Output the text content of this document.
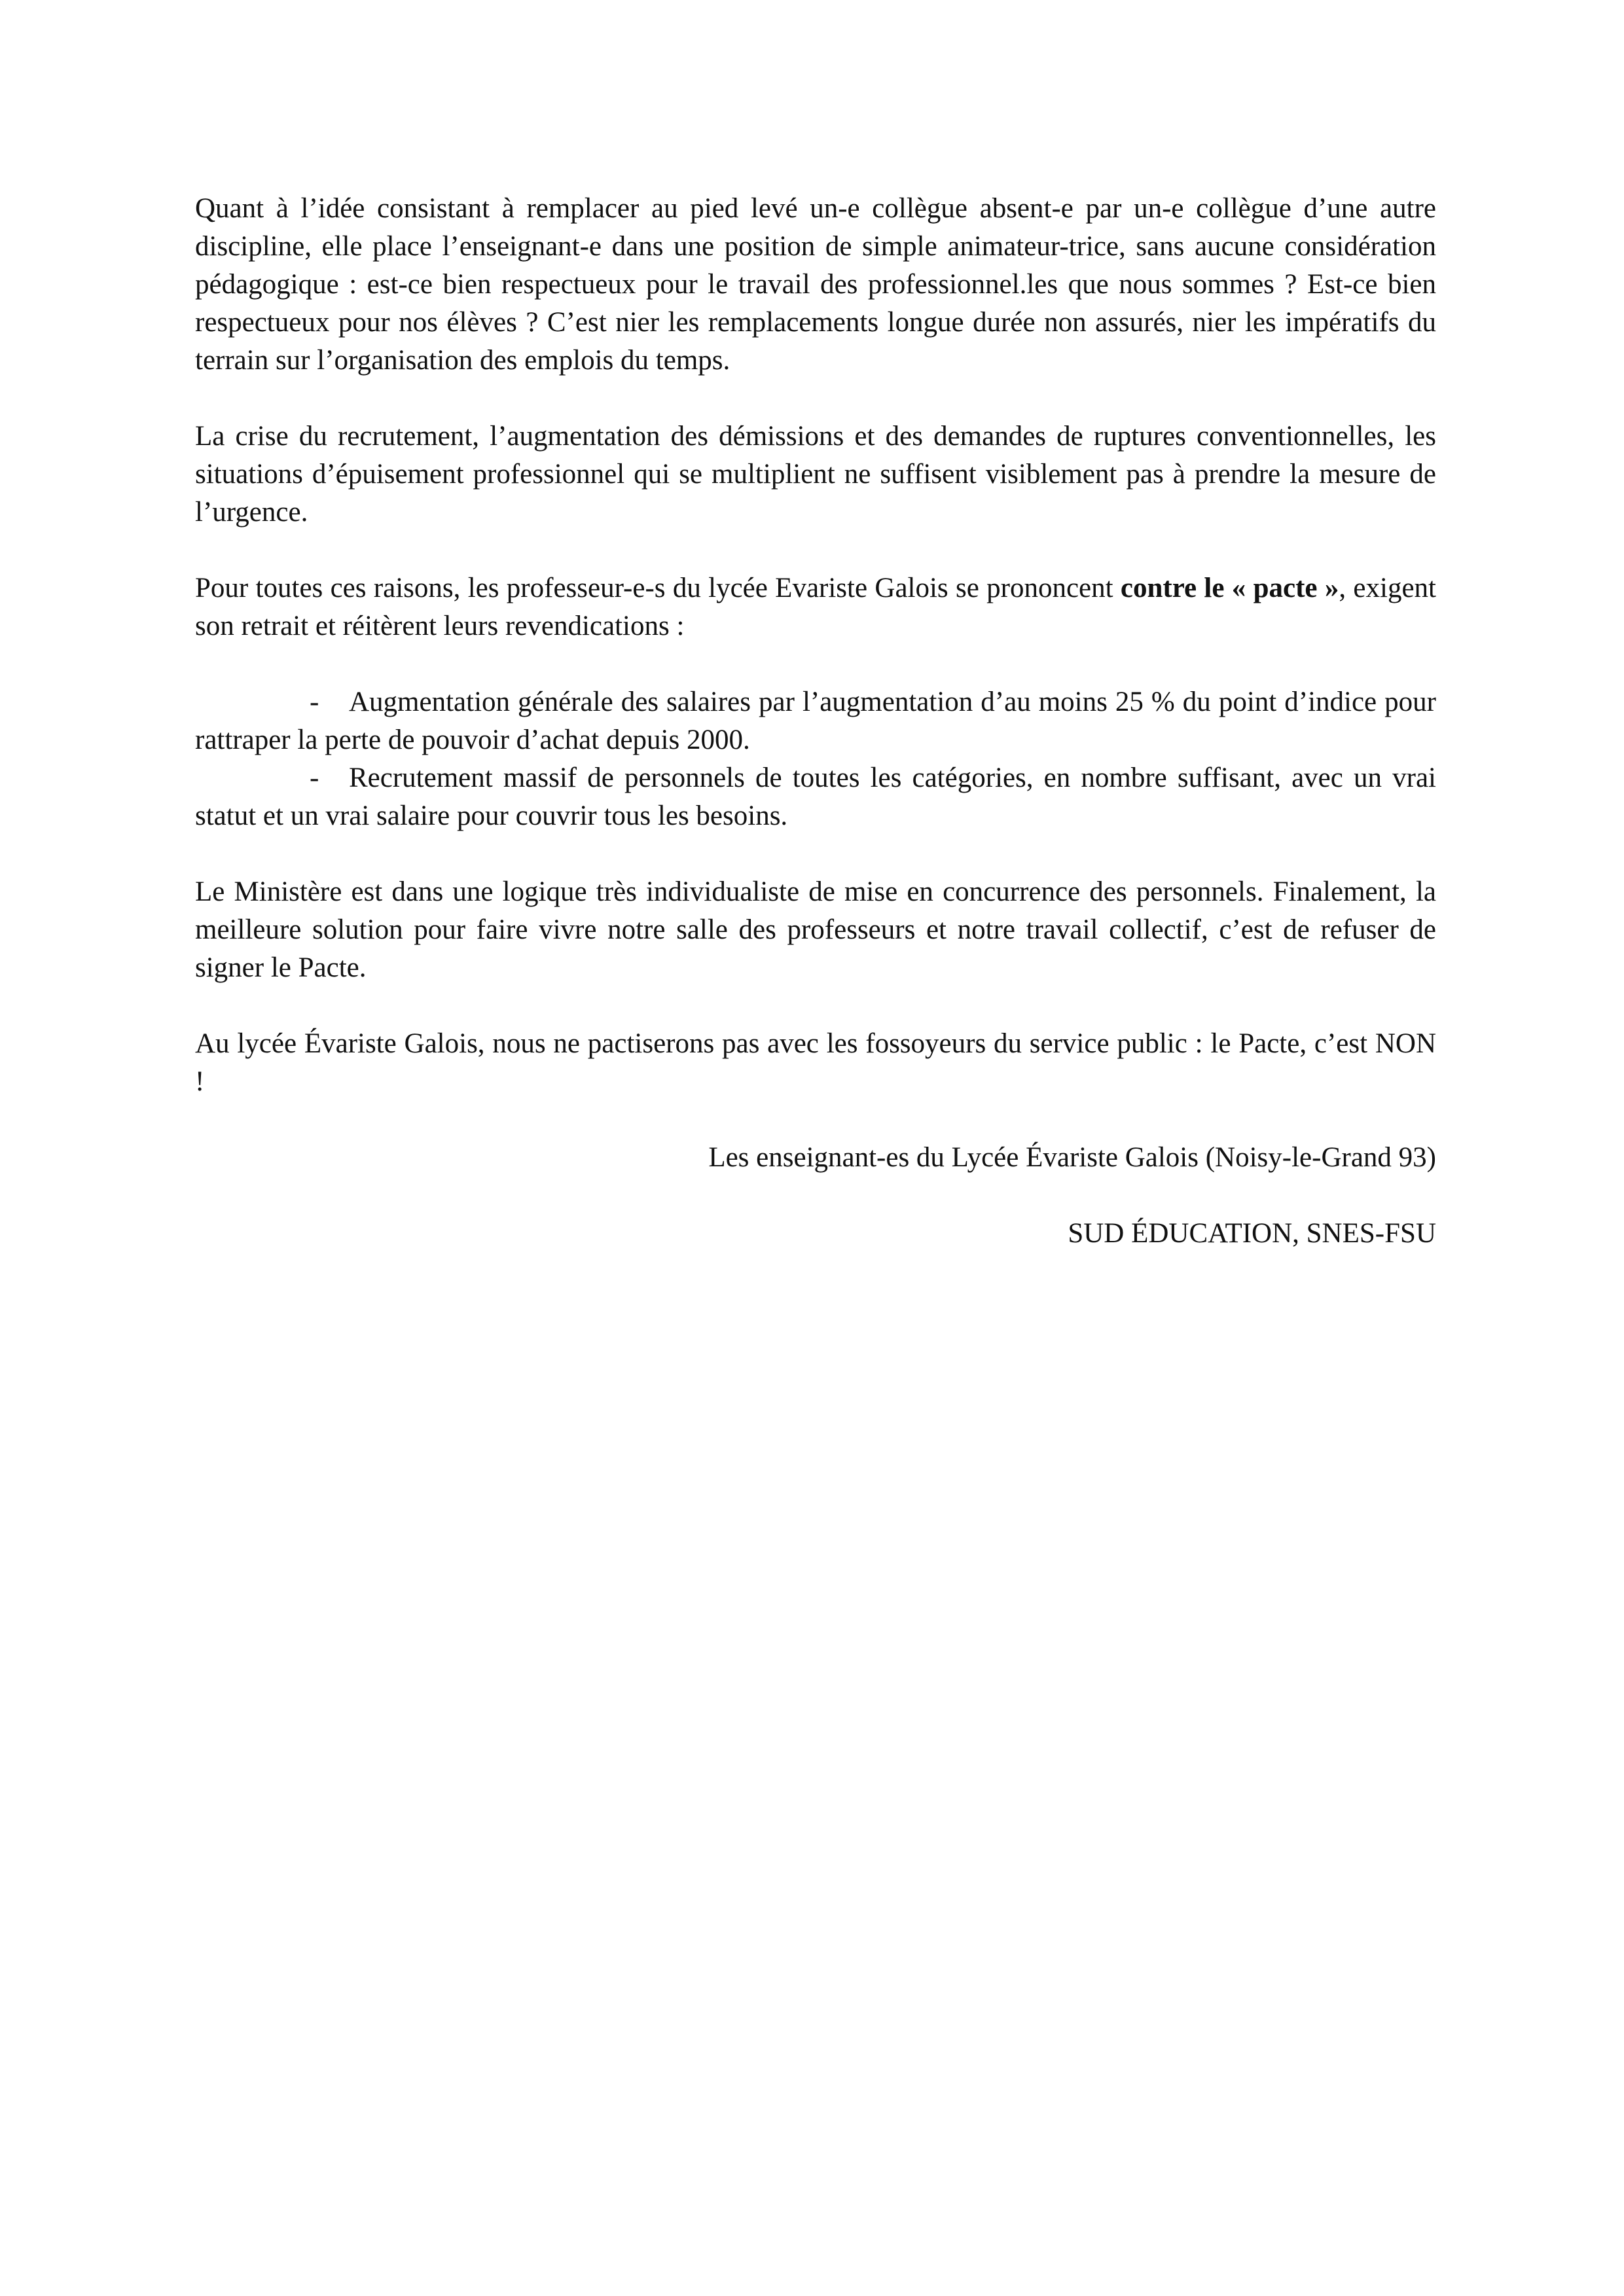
Quant à l’idée consistant à remplacer au pied levé un-e collègue absent-e par un-e collègue d’une autre discipline, elle place l’enseignant-e dans une position de simple animateur-trice, sans aucune considération pédagogique : est-ce bien respectueux pour le travail des professionnel.les que nous sommes ? Est-ce bien respectueux pour nos élèves ? C’est nier les remplacements longue durée non assurés, nier les impératifs du terrain sur l’organisation des emplois du temps.

La crise du recrutement, l’augmentation des démissions et des demandes de ruptures conventionnelles, les situations d’épuisement professionnel qui se multiplient ne suffisent visiblement pas à prendre la mesure de l’urgence.

Pour toutes ces raisons, les professeur-e-s du lycée Evariste Galois se prononcent contre le « pacte », exigent son retrait et réitèrent leurs revendications :

- Augmentation générale des salaires par l’augmentation d’au moins 25 % du point d’indice pour rattraper la perte de pouvoir d’achat depuis 2000.
- Recrutement massif de personnels de toutes les catégories, en nombre suffisant, avec un vrai statut et un vrai salaire pour couvrir tous les besoins.

Le Ministère est dans une logique très individualiste de mise en concurrence des personnels. Finalement, la meilleure solution pour faire vivre notre salle des professeurs et notre travail collectif, c’est de refuser de signer le Pacte.

Au lycée Évariste Galois, nous ne pactiserons pas avec les fossoyeurs du service public : le Pacte, c’est NON !

Les enseignant-es du Lycée Évariste Galois (Noisy-le-Grand 93)

SUD ÉDUCATION, SNES-FSU
